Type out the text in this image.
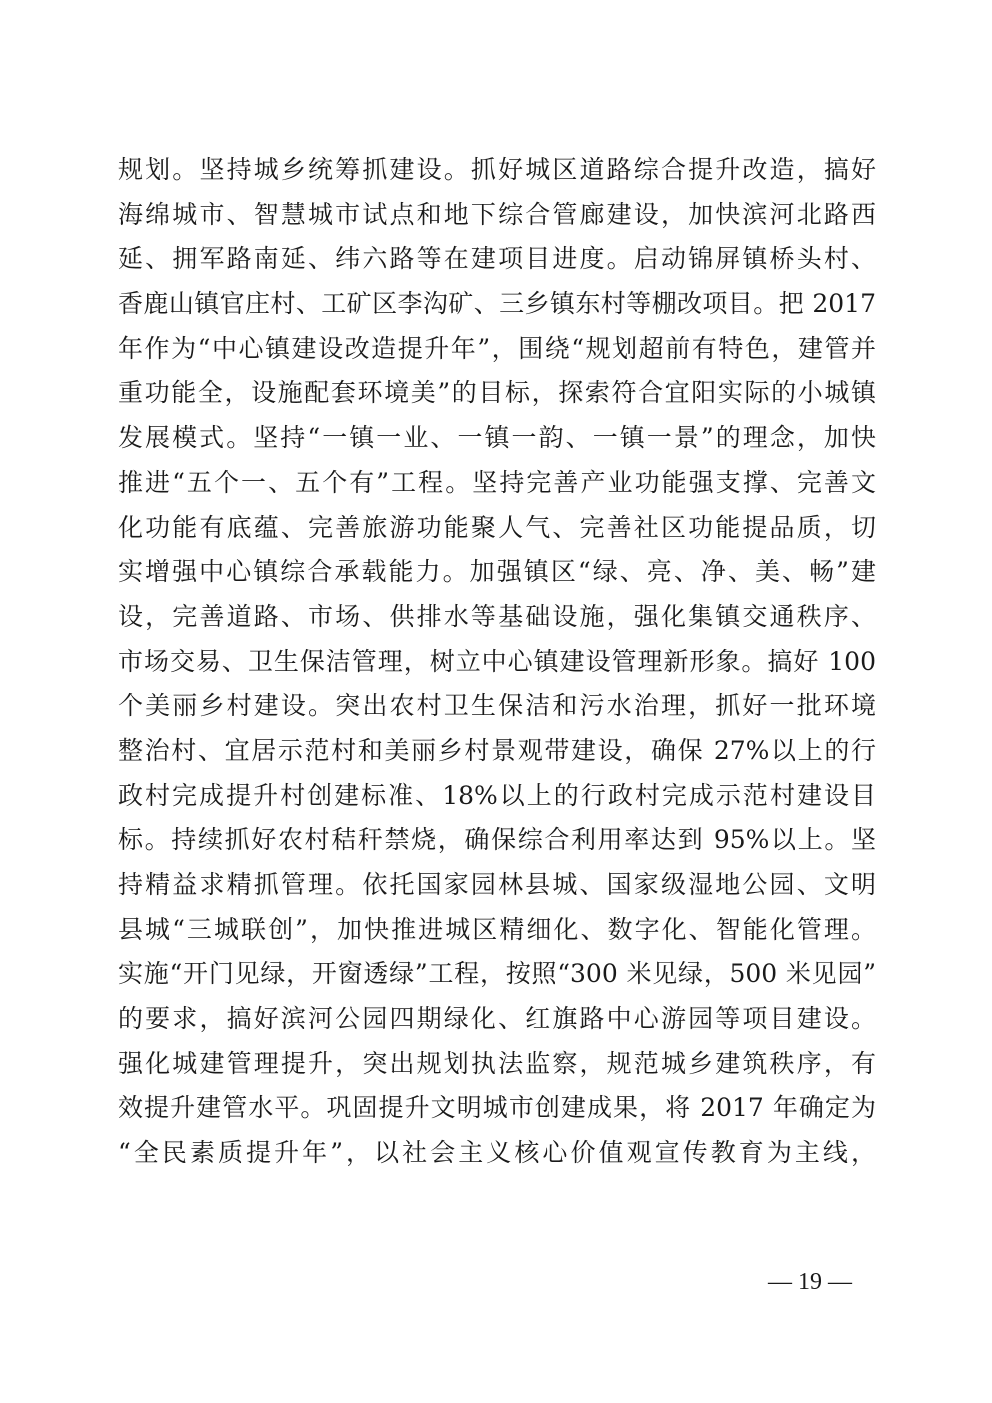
规划。坚持城乡统筹抓建设。抓好城区道路综合提升改造，搞好
海绵城市、智慧城市试点和地下综合管廊建设，加快滨河北路西
延、拥军路南延、纬六路等在建项目进度。启动锦屏镇桥头村、
香鹿山镇官庄村、工矿区李沟矿、三乡镇东村等棚改项目。把 2017
年作为“中心镇建设改造提升年”，围绕“规划超前有特色，建管并
重功能全，设施配套环境美”的目标，探索符合宜阳实际的小城镇
发展模式。坚持“一镇一业、一镇一韵、一镇一景”的理念，加快
推进“五个一、五个有”工程。坚持完善产业功能强支撑、完善文
化功能有底蕴、完善旅游功能聚人气、完善社区功能提品质，切
实增强中心镇综合承载能力。加强镇区“绿、亮、净、美、畅”建
设，完善道路、市场、供排水等基础设施，强化集镇交通秩序、
市场交易、卫生保洁管理，树立中心镇建设管理新形象。搞好 100
个美丽乡村建设。突出农村卫生保洁和污水治理，抓好一批环境
整治村、宜居示范村和美丽乡村景观带建设，确保 27%以上的行
政村完成提升村创建标准、18%以上的行政村完成示范村建设目
标。持续抓好农村秸秆禁烧，确保综合利用率达到 95%以上。坚
持精益求精抓管理。依托国家园林县城、国家级湿地公园、文明
县城“三城联创”，加快推进城区精细化、数字化、智能化管理。
实施“开门见绿，开窗透绿”工程，按照“300 米见绿，500 米见园”
的要求，搞好滨河公园四期绿化、红旗路中心游园等项目建设。
强化城建管理提升，突出规划执法监察，规范城乡建筑秩序，有
效提升建管水平。巩固提升文明城市创建成果，将 2017 年确定为
“全民素质提升年”，以社会主义核心价值观宣传教育为主线，
— 19 —
